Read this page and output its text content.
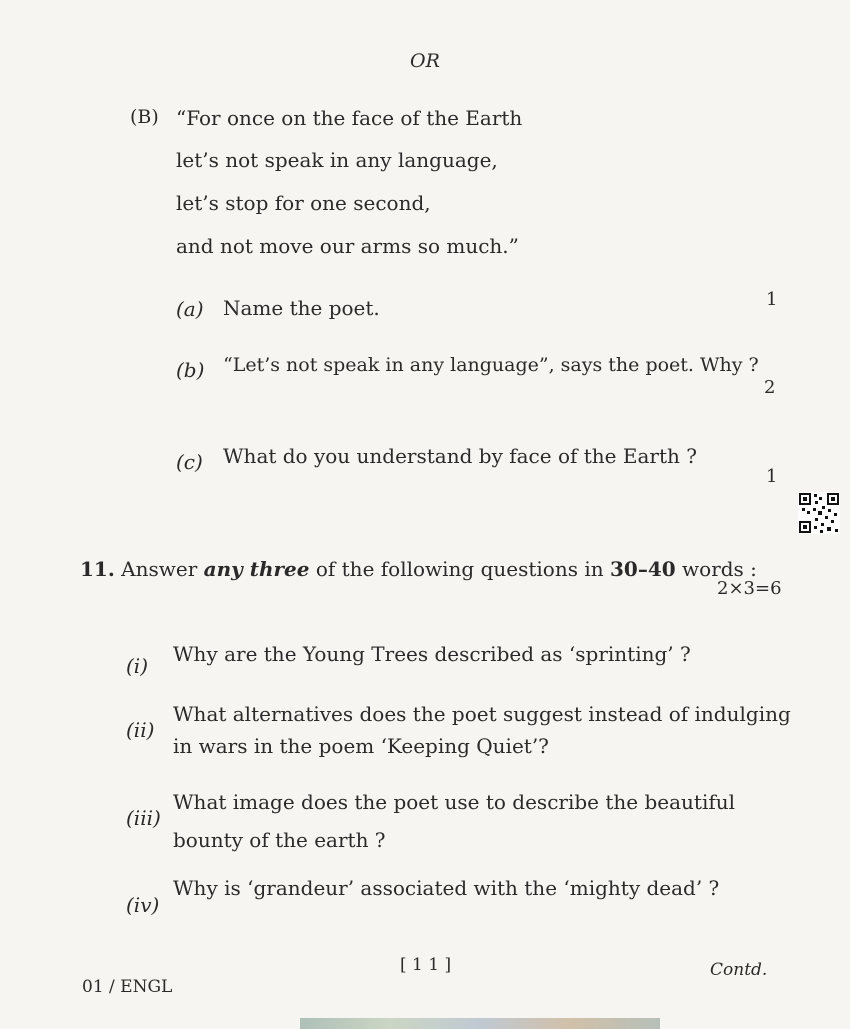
OR
(B) “For once on the face of the Earth
let’s not speak in any language,
let’s stop for one second,
and not move our arms so much.”
(a) Name the poet.	1
(b) “Let’s not speak in any language”, says the poet. Why ?
2
(c) What do you understand by face of the Earth ?
1
11. Answer any three of the following questions in 30–40 words :
2×3=6
(i) Why are the Young Trees described as ‘sprinting’ ?
(ii)
What alternatives does the poet suggest instead of indulging
in wars in the poem ‘Keeping Quiet’?
(iii)
What image does the poet use to describe the beautiful
bounty of the earth ?
(iv)
Why is ‘grandeur’ associated with the ‘mighty dead’ ?
[ 1 1 ]	Contd.
01 / ENGL
